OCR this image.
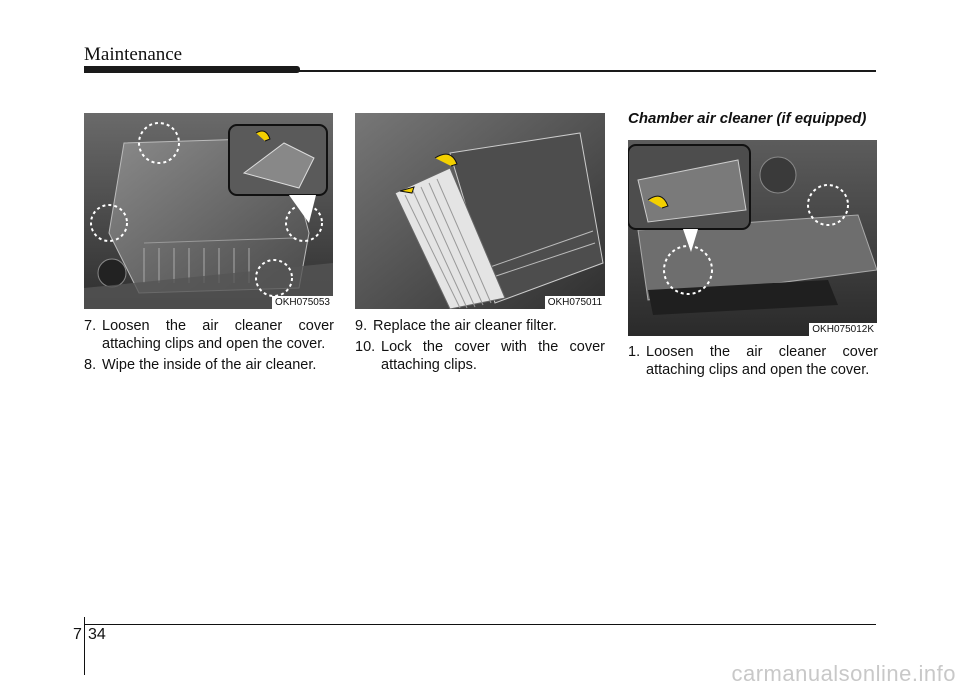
Maintenance
OKH075053	OKH075011
Chamber air cleaner (if equipped)
OKH075012K
7. Loosen the air cleaner cover attaching clips and open the cover.
8. Wipe the inside of the air cleaner.
9. Replace the air cleaner filter.
10. Lock the cover with the cover attaching clips.
1. Loosen the air cleaner cover attaching clips and open the cover.
7 34
carmanualsonline.info
